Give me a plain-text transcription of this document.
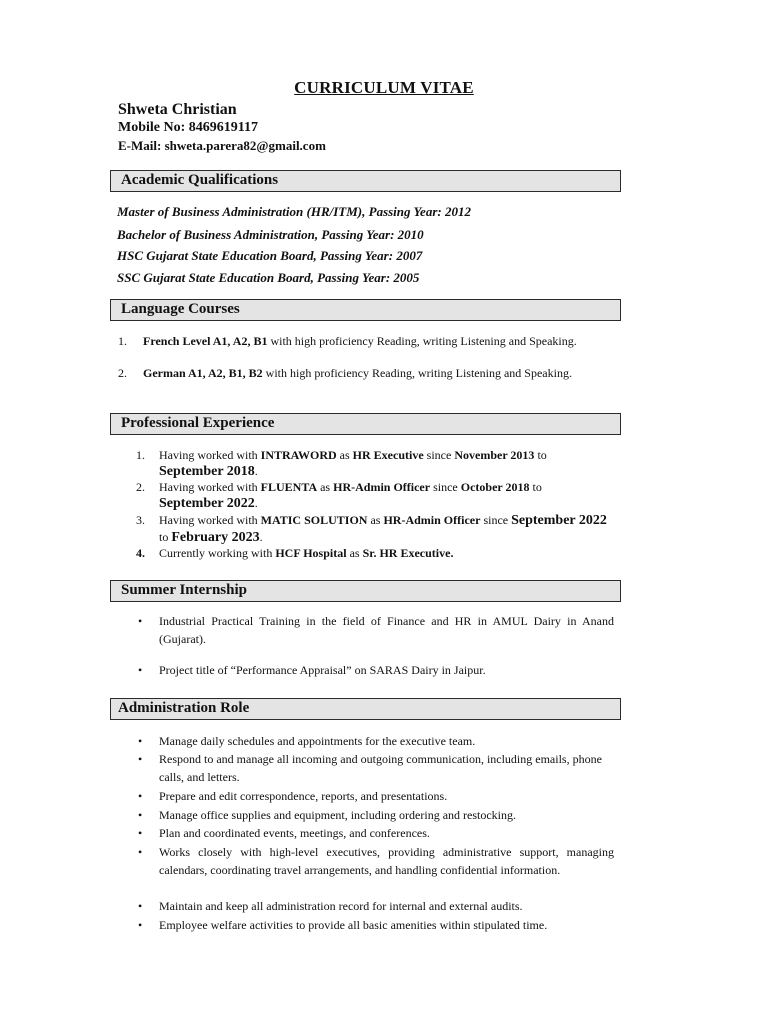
CURRICULUM VITAE
Shweta Christian
Mobile No: 8469619117
E-Mail: shweta.parera82@gmail.com
Academic Qualifications
Master of Business Administration (HR/ITM), Passing Year: 2012
Bachelor of Business Administration, Passing Year: 2010
HSC Gujarat State Education Board, Passing Year: 2007
SSC Gujarat State Education Board, Passing Year: 2005
Language Courses
1. French Level A1, A2, B1 with high proficiency Reading, writing Listening and Speaking.
2. German A1, A2, B1, B2 with high proficiency Reading, writing Listening and Speaking.
Professional Experience
1. Having worked with INTRAWORD as HR Executive since November 2013 to
September 2018.
2. Having worked with FLUENTA as HR-Admin Officer since October 2018 to
September 2022.
3. Having worked with MATIC SOLUTION as HR-Admin Officer since September 2022
to February 2023.
4. Currently working with HCF Hospital as Sr. HR Executive.
Summer Internship
• Industrial Practical Training in the field of Finance and HR in AMUL Dairy in Anand (Gujarat).
• Project title of “Performance Appraisal” on SARAS Dairy in Jaipur.
Administration Role
• Manage daily schedules and appointments for the executive team.
• Respond to and manage all incoming and outgoing communication, including emails, phone calls, and letters.
• Prepare and edit correspondence, reports, and presentations.
• Manage office supplies and equipment, including ordering and restocking.
• Plan and coordinated events, meetings, and conferences.
• Works closely with high-level executives, providing administrative support, managing calendars, coordinating travel arrangements, and handling confidential information.
• Maintain and keep all administration record for internal and external audits.
• Employee welfare activities to provide all basic amenities within stipulated time.
